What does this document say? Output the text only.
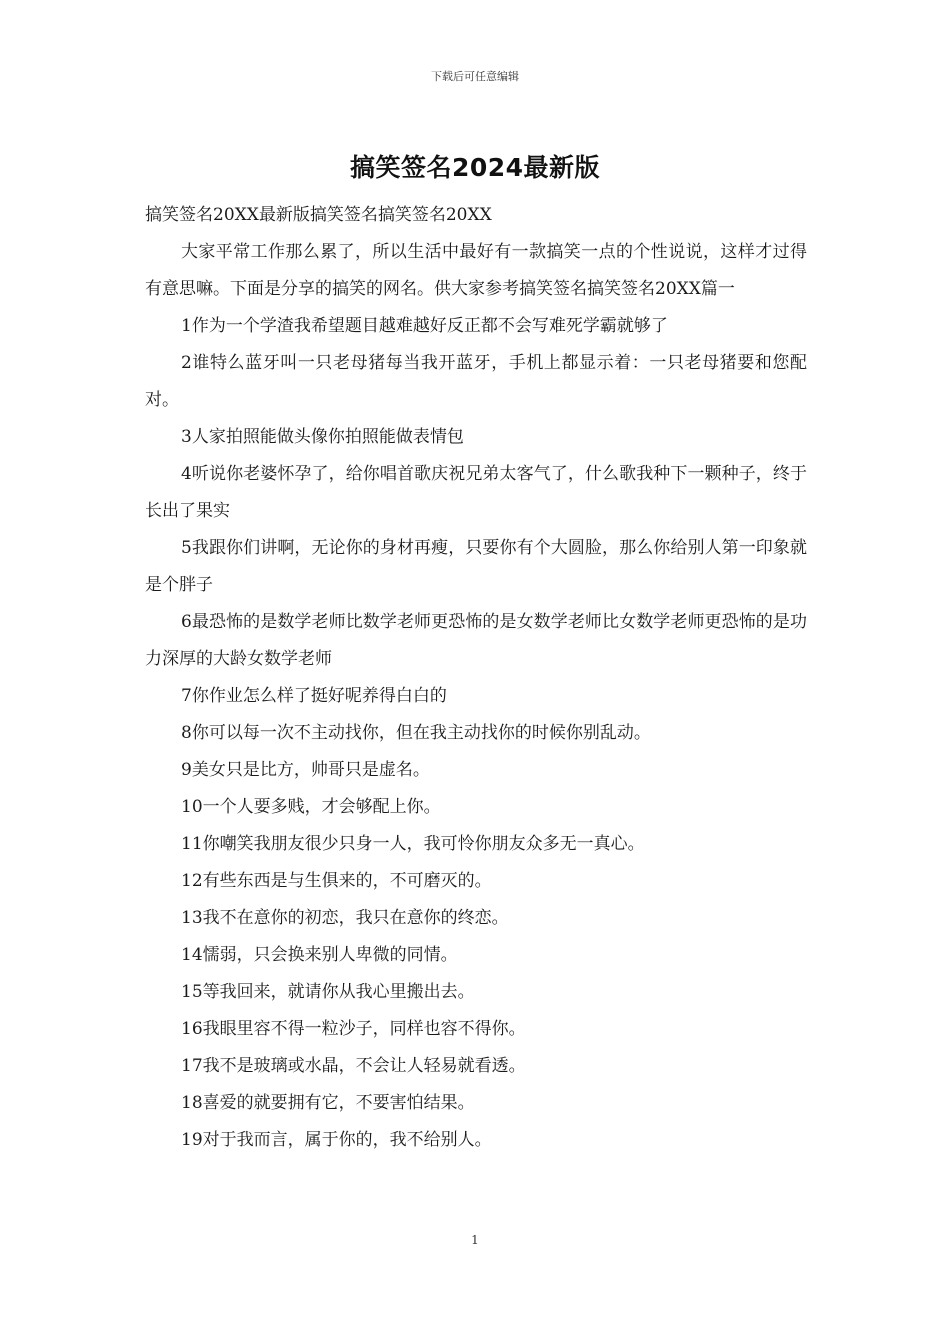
下载后可任意编辑
搞笑签名2024最新版

搞笑签名20XX最新版搞笑签名搞笑签名20XX

大家平常工作那么累了，所以生活中最好有一款搞笑一点的个性说说，这样才过得有意思嘛。下面是分享的搞笑的网名。供大家参考搞笑签名搞笑签名20XX篇一

1作为一个学渣我希望题目越难越好反正都不会写难死学霸就够了

2谁特么蓝牙叫一只老母猪每当我开蓝牙，手机上都显示着：一只老母猪要和您配对。

3人家拍照能做头像你拍照能做表情包

4听说你老婆怀孕了，给你唱首歌庆祝兄弟太客气了，什么歌我种下一颗种子，终于长出了果实

5我跟你们讲啊，无论你的身材再瘦，只要你有个大圆脸，那么你给别人第一印象就是个胖子

6最恐怖的是数学老师比数学老师更恐怖的是女数学老师比女数学老师更恐怖的是功力深厚的大龄女数学老师

7你作业怎么样了挺好呢养得白白的

8你可以每一次不主动找你，但在我主动找你的时候你别乱动。

9美女只是比方，帅哥只是虚名。

10一个人要多贱，才会够配上你。

11你嘲笑我朋友很少只身一人，我可怜你朋友众多无一真心。

12有些东西是与生俱来的，不可磨灭的。

13我不在意你的初恋，我只在意你的终恋。

14懦弱，只会换来别人卑微的同情。

15等我回来，就请你从我心里搬出去。

16我眼里容不得一粒沙子，同样也容不得你。

17我不是玻璃或水晶，不会让人轻易就看透。

18喜爱的就要拥有它，不要害怕结果。

19对于我而言，属于你的，我不给别人。

1
